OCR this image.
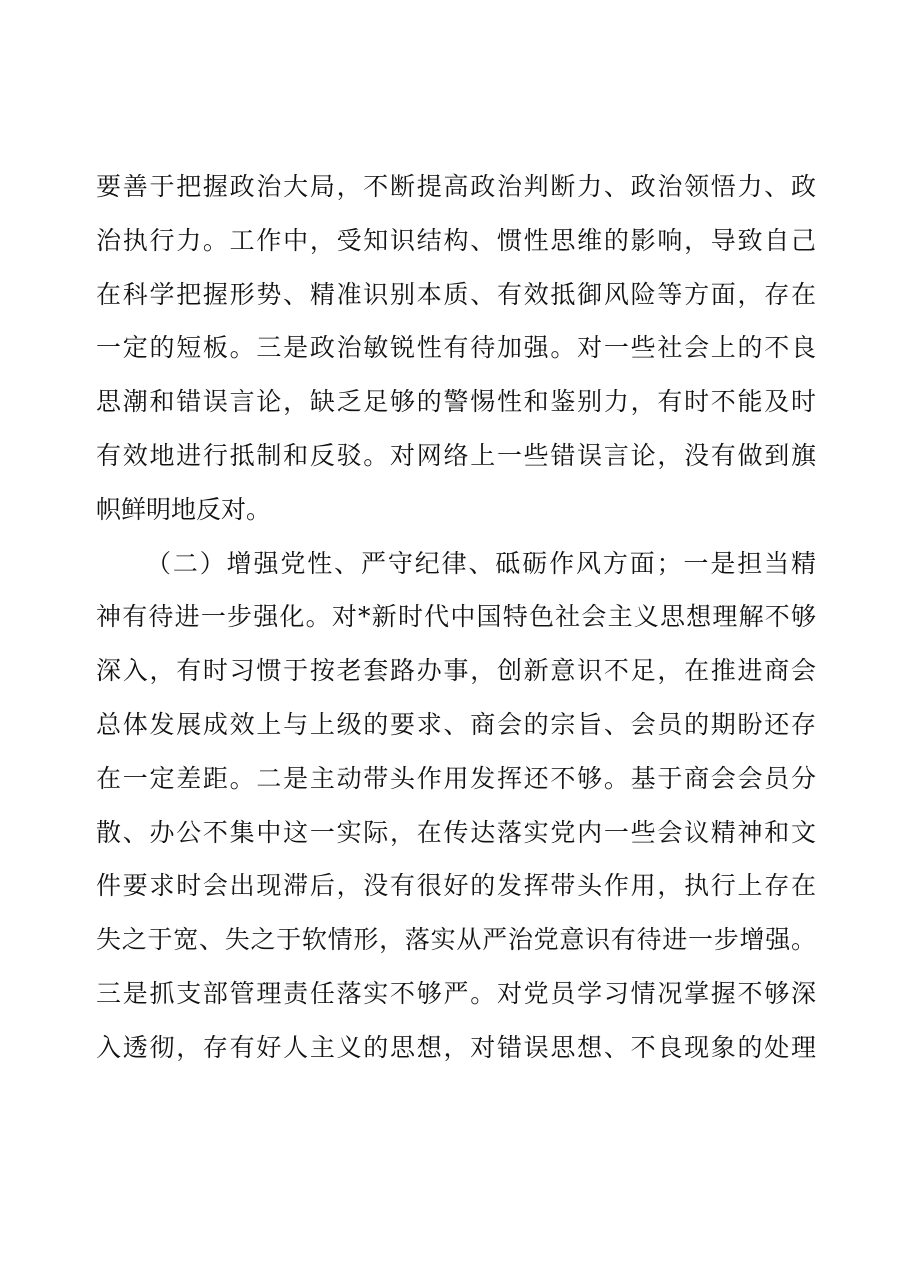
要善于把握政治大局，不断提高政治判断力、政治领悟力、政
治执行力。工作中，受知识结构、惯性思维的影响，导致自己
在科学把握形势、精准识别本质、有效抵御风险等方面，存在
一定的短板。三是政治敏锐性有待加强。对一些社会上的不良
思潮和错误言论，缺乏足够的警惕性和鉴别力，有时不能及时
有效地进行抵制和反驳。对网络上一些错误言论，没有做到旗
帜鲜明地反对。
（二）增强党性、严守纪律、砥砺作风方面；一是担当精
神有待进一步强化。对*新时代中国特色社会主义思想理解不够
深入，有时习惯于按老套路办事，创新意识不足，在推进商会
总体发展成效上与上级的要求、商会的宗旨、会员的期盼还存
在一定差距。二是主动带头作用发挥还不够。基于商会会员分
散、办公不集中这一实际，在传达落实党内一些会议精神和文
件要求时会出现滞后，没有很好的发挥带头作用，执行上存在
失之于宽、失之于软情形，落实从严治党意识有待进一步增强。
三是抓支部管理责任落实不够严。对党员学习情况掌握不够深
入透彻，存有好人主义的思想，对错误思想、不良现象的处理
